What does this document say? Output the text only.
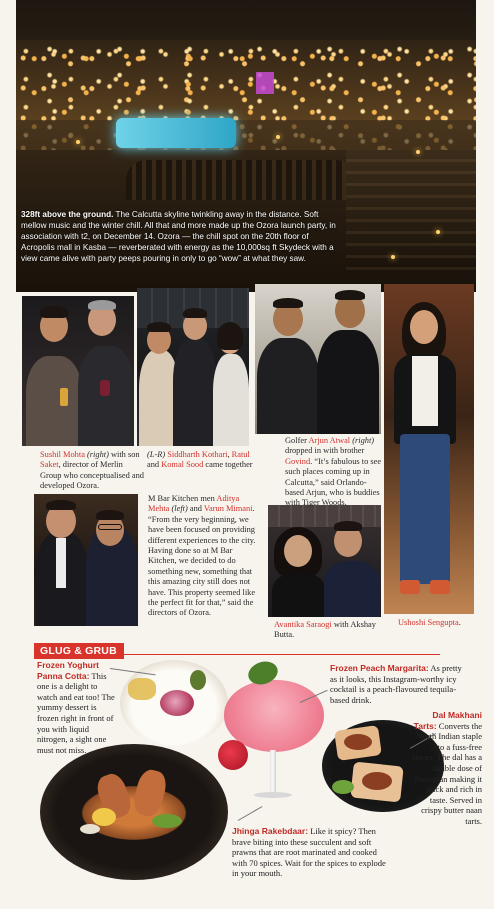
328ft above the ground. The Calcutta skyline twinkling away in the distance. Soft mellow music and the winter chill. All that and more made up the Ozora launch party, in association with t2, on December 14. Ozora — the chill spot on the 20th floor of Acropolis mall in Kasba — reverberated with energy as the 10,000sq ft Skydeck with a view came alive with party peeps pouring in only to go “wow” at what they saw.
Sushil Mohta (right) with son Saket, director of Merlin Group who conceptualised and developed Ozora.
(L-R) Siddharth Kothari, Ratul and Komal Sood came together
Golfer Arjun Atwal (right) dropped in with brother Govind. “It’s fabulous to see such places coming up in Calcutta,” said Orlando-based Arjun, who is buddies with Tiger Woods.
M Bar Kitchen men Aditya Mehta (left) and Varun Mimani. “From the very beginning, we have been focused on providing different experiences to the city. Having done so at M Bar Kitchen, we decided to do something new, something that this amazing city still does not have. This property seemed like the perfect fit for that,” said the directors of Ozora.
Avantika Saraogi with Akshay Butta.
Ushoshi Sengupta.
GLUG & GRUB
Frozen Yoghurt Panna Cotta: This one is a delight to watch and eat too! The yummy dessert is frozen right in front of you with liquid nitrogen, a sight one must not miss.
Frozen Peach Margarita: As pretty as it looks, this Instagram-worthy icy cocktail is a peach-flavoured tequila-based drink.
Dal Makhani Tarts: Converts the North Indian staple into a fuss-free starter. The dal has a double dose of Parmesan making it thick and rich in taste. Served in crispy butter naan tarts.
Jhinga Rakebdaar: Like it spicy? Then brave biting into these succulent and soft prawns that are root marinated and cooked with 70 spices. Wait for the spices to explode in your mouth.
